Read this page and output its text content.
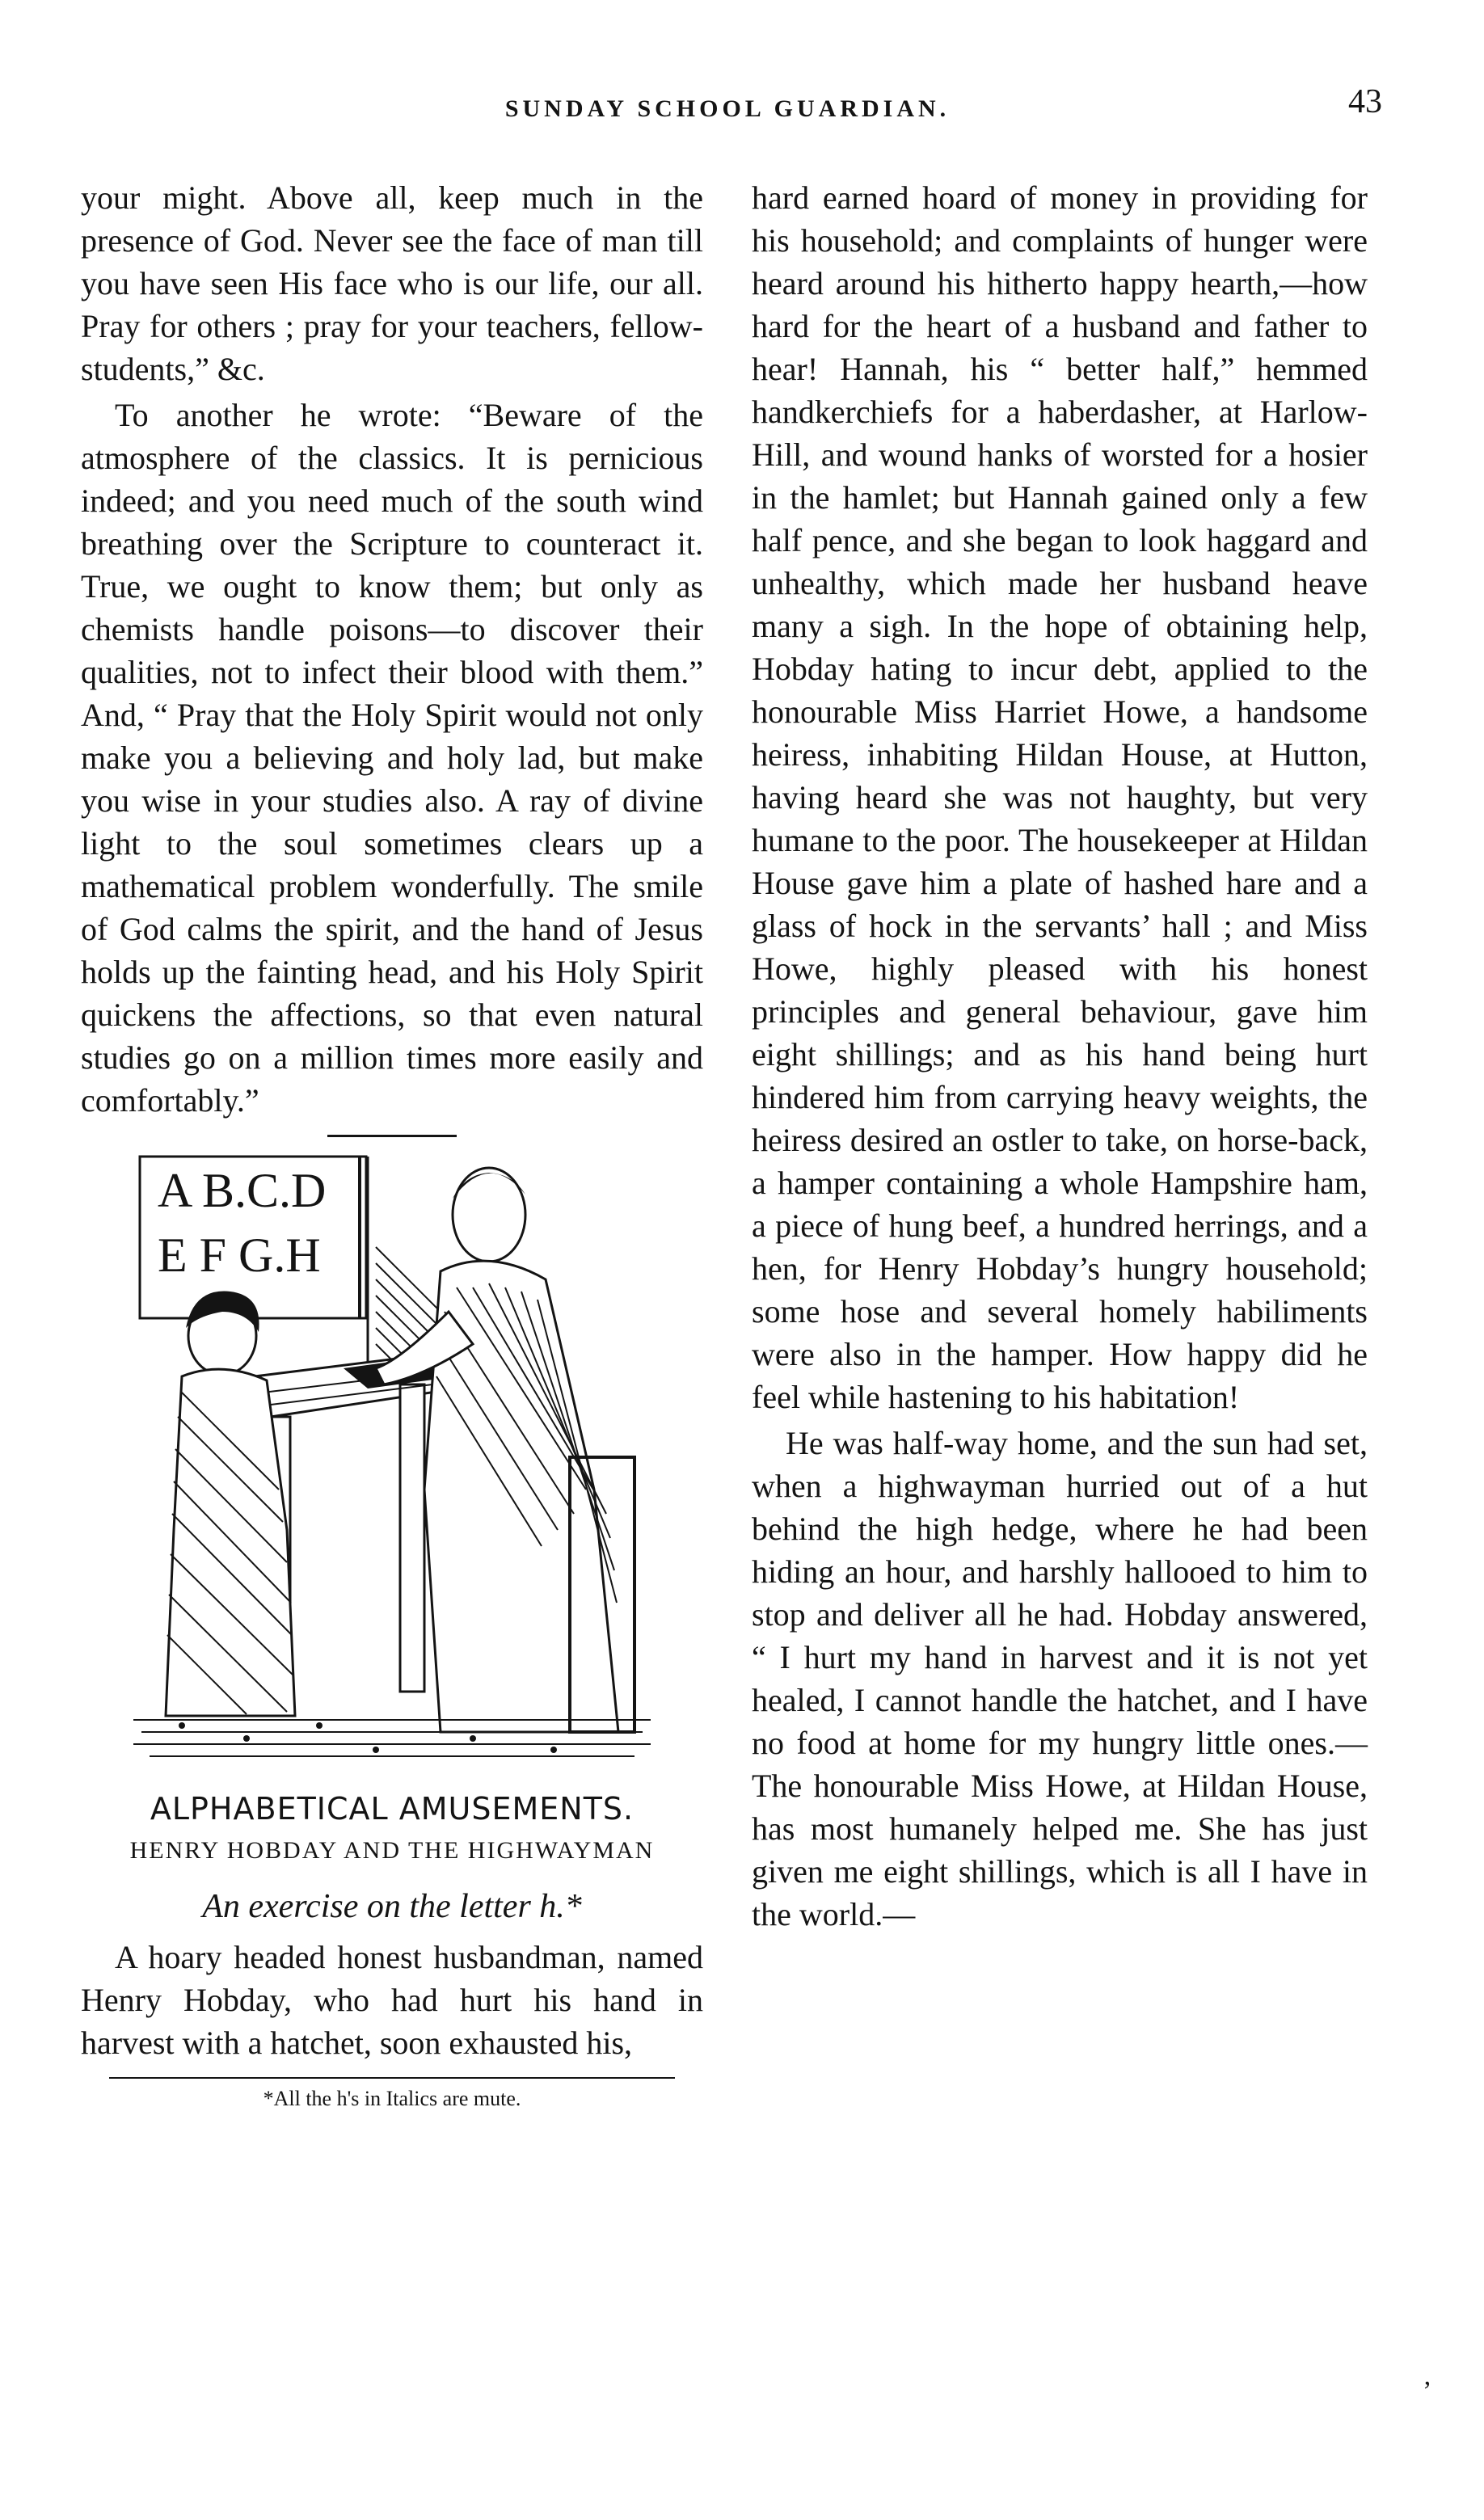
SUNDAY SCHOOL GUARDIAN.	43

your might. Above all, keep much in the presence of God. Never see the face of man till you have seen His face who is our life, our all. Pray for others ; pray for your teachers, fellow-students,” &c.

To another he wrote: “Beware of the atmosphere of the classics. It is pernicious indeed; and you need much of the south wind breathing over the Scripture to counteract it. True, we ought to know them; but only as chemists handle poisons—to discover their qualities, not to infect their blood with them.” And, “ Pray that the Holy Spirit would not only make you a believing and holy lad, but make you wise in your studies also. A ray of divine light to the soul sometimes clears up a mathematical problem wonderfully. The smile of God calms the spirit, and the hand of Jesus holds up the fainting head, and his Holy Spirit quickens the affections, so that even natural studies go on a million times more easily and comfortably.”

A B.C.D
E F G.H
ALPHABETICAL AMUSEMENTS.

HENRY HOBDAY AND THE HIGHWAYMAN

An exercise on the letter h.*

A hoary headed honest husbandman, named Henry Hobday, who had hurt his hand in harvest with a hatchet, soon exhausted his,

*All the h's in Italics are mute.

hard earned hoard of money in providing for his household; and complaints of hunger were heard around his hitherto happy hearth,—how hard for the heart of a husband and father to hear! Hannah, his “ better half,” hemmed handkerchiefs for a haberdasher, at Harlow-Hill, and wound hanks of worsted for a hosier in the hamlet; but Hannah gained only a few half pence, and she began to look haggard and unhealthy, which made her husband heave many a sigh. In the hope of obtaining help, Hobday hating to incur debt, applied to the honourable Miss Harriet Howe, a handsome heiress, inhabiting Hildan House, at Hutton, having heard she was not haughty, but very humane to the poor. The housekeeper at Hildan House gave him a plate of hashed hare and a glass of hock in the servants’ hall ; and Miss Howe, highly pleased with his honest principles and general behaviour, gave him eight shillings; and as his hand being hurt hindered him from carrying heavy weights, the heiress desired an ostler to take, on horse-back, a hamper containing a whole Hampshire ham, a piece of hung beef, a hundred herrings, and a hen, for Henry Hobday’s hungry household; some hose and several homely habiliments were also in the hamper. How happy did he feel while hastening to his habitation!

He was half-way home, and the sun had set, when a highwayman hurried out of a hut behind the high hedge, where he had been hiding an hour, and harshly hallooed to him to stop and deliver all he had. Hobday answered, “ I hurt my hand in harvest and it is not yet healed, I cannot handle the hatchet, and I have no food at home for my hungry little ones.— The honourable Miss Howe, at Hildan House, has most humanely helped me. She has just given me eight shillings, which is all I have in the world.—

’
